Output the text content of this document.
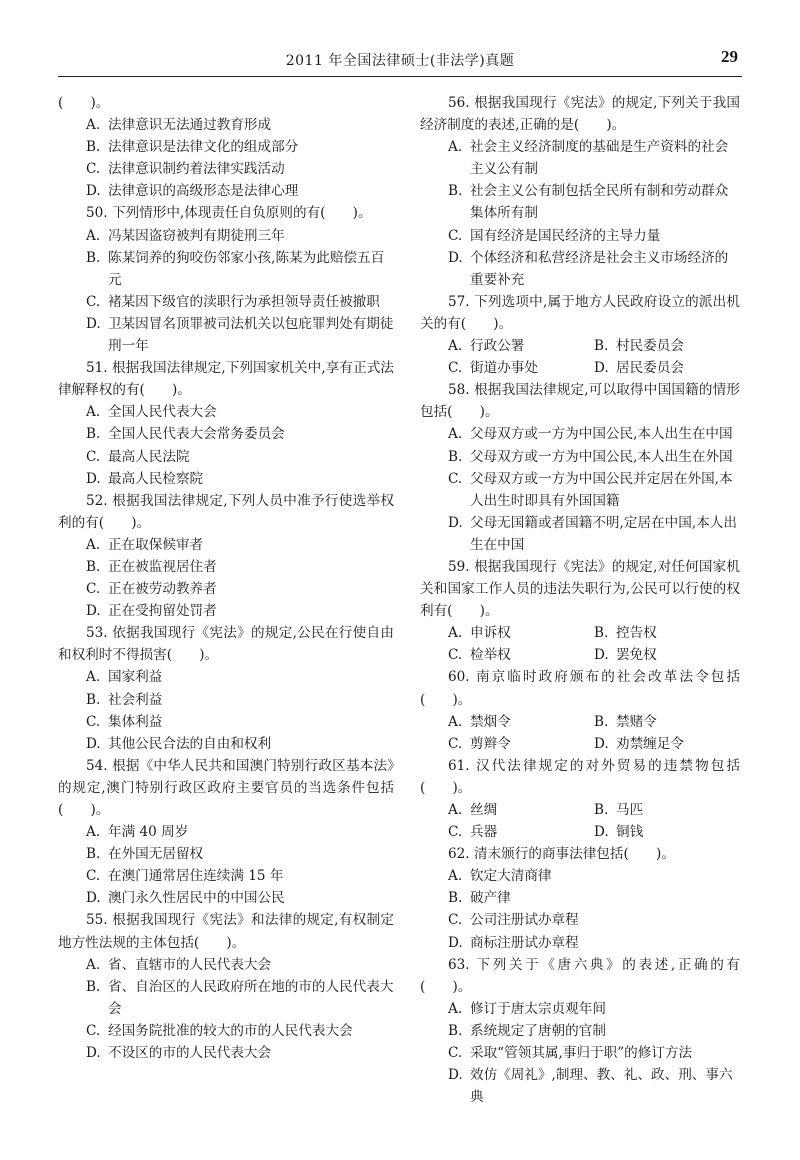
2011 年全国法律硕士(非法学)真题	29

(　　)。

A. 法律意识无法通过教育形成
B. 法律意识是法律文化的组成部分
C. 法律意识制约着法律实践活动
D. 法律意识的高级形态是法律心理

50. 下列情形中,体现责任自负原则的有(　　)。

A. 冯某因盗窃被判有期徒刑三年
B. 陈某饲养的狗咬伤邻家小孩,陈某为此赔偿五百元
C. 褚某因下级官的渎职行为承担领导责任被撤职
D. 卫某因冒名顶罪被司法机关以包庇罪判处有期徒刑一年

51. 根据我国法律规定,下列国家机关中,享有正式法律解释权的有(　　)。

A. 全国人民代表大会
B. 全国人民代表大会常务委员会
C. 最高人民法院
D. 最高人民检察院

52. 根据我国法律规定,下列人员中准予行使选举权利的有(　　)。

A. 正在取保候审者
B. 正在被监视居住者
C. 正在被劳动教养者
D. 正在受拘留处罚者

53. 依据我国现行《宪法》的规定,公民在行使自由和权利时不得损害(　　)。

A. 国家利益
B. 社会利益
C. 集体利益
D. 其他公民合法的自由和权利

54. 根据《中华人民共和国澳门特别行政区基本法》的规定,澳门特别行政区政府主要官员的当选条件包括(　　)。

A. 年满 40 周岁
B. 在外国无居留权
C. 在澳门通常居住连续满 15 年
D. 澳门永久性居民中的中国公民

55. 根据我国现行《宪法》和法律的规定,有权制定地方性法规的主体包括(　　)。

A. 省、直辖市的人民代表大会
B. 省、自治区的人民政府所在地的市的人民代表大会
C. 经国务院批准的较大的市的人民代表大会
D. 不设区的市的人民代表大会

56. 根据我国现行《宪法》的规定,下列关于我国经济制度的表述,正确的是(　　)。

A. 社会主义经济制度的基础是生产资料的社会主义公有制
B. 社会主义公有制包括全民所有制和劳动群众集体所有制
C. 国有经济是国民经济的主导力量
D. 个体经济和私营经济是社会主义市场经济的重要补充

57. 下列选项中,属于地方人民政府设立的派出机关的有(　　)。

A. 行政公署	B. 村民委员会
C. 街道办事处	D. 居民委员会

58. 根据我国法律规定,可以取得中国国籍的情形包括(　　)。

A. 父母双方或一方为中国公民,本人出生在中国
B. 父母双方或一方为中国公民,本人出生在外国
C. 父母双方或一方为中国公民并定居在外国,本人出生时即具有外国国籍
D. 父母无国籍或者国籍不明,定居在中国,本人出生在中国

59. 根据我国现行《宪法》的规定,对任何国家机关和国家工作人员的违法失职行为,公民可以行使的权利有(　　)。

A. 申诉权	B. 控告权
C. 检举权	D. 罢免权

60. 南京临时政府颁布的社会改革法令包括(　　)。

A. 禁烟令	B. 禁赌令
C. 剪辫令	D. 劝禁缠足令

61. 汉代法律规定的对外贸易的违禁物包括(　　)。

A. 丝绸	B. 马匹
C. 兵器	D. 铜钱

62. 清末颁行的商事法律包括(　　)。

A. 钦定大清商律
B. 破产律
C. 公司注册试办章程
D. 商标注册试办章程

63. 下列关于《唐六典》的表述,正确的有(　　)。

A. 修订于唐太宗贞观年间
B. 系统规定了唐朝的官制
C. 采取“管领其属,事归于职”的修订方法
D. 效仿《周礼》,制理、教、礼、政、刑、事六典
